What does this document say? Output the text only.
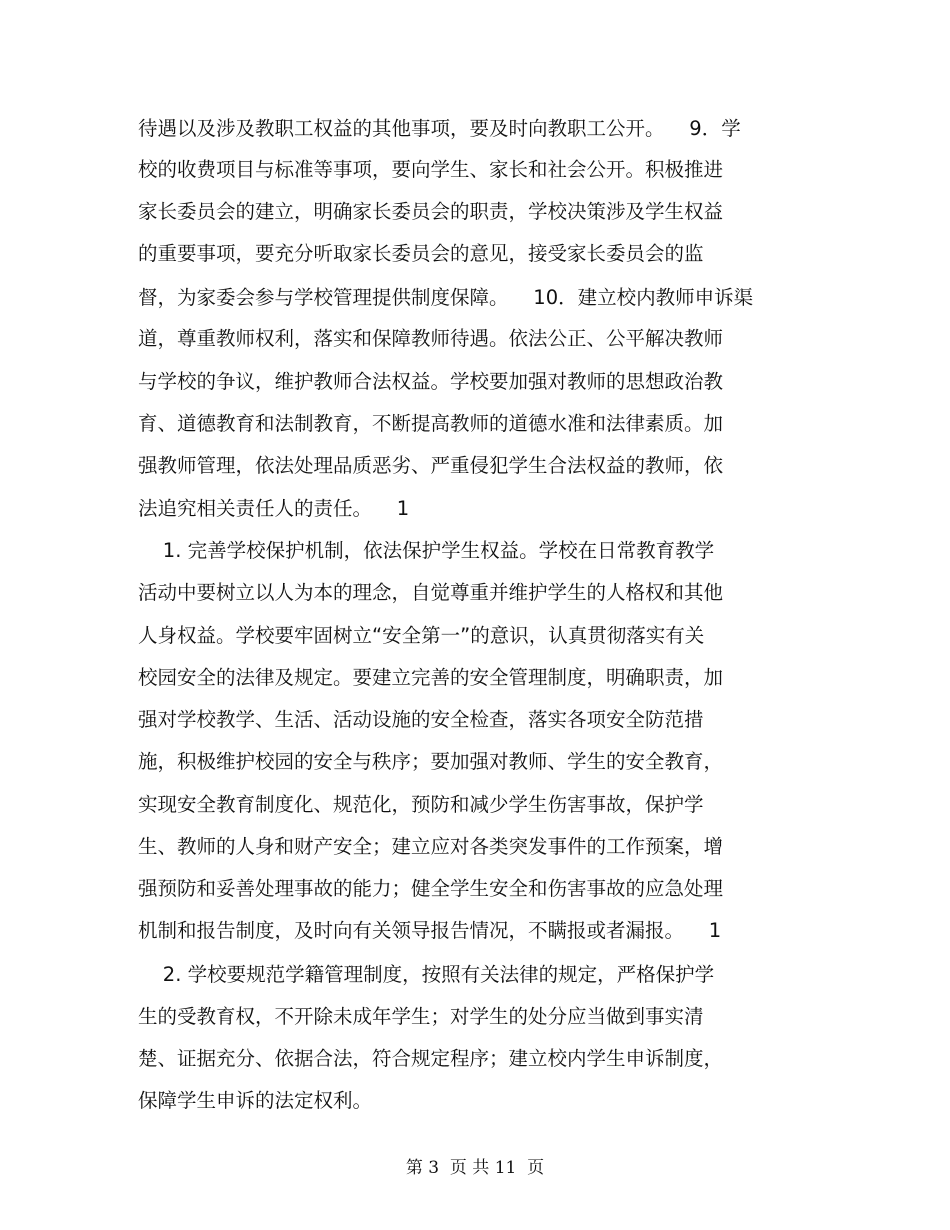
待遇以及涉及教职工权益的其他事项，要及时向教职工公开。    9．学
校的收费项目与标准等事项，要向学生、家长和社会公开。积极推进
家长委员会的建立，明确家长委员会的职责，学校决策涉及学生权益
的重要事项，要充分听取家长委员会的意见，接受家长委员会的监
督，为家委会参与学校管理提供制度保障。    10．建立校内教师申诉渠
道，尊重教师权利，落实和保障教师待遇。依法公正、公平解决教师
与学校的争议，维护教师合法权益。学校要加强对教师的思想政治教
育、道德教育和法制教育，不断提高教师的道德水准和法律素质。加
强教师管理，依法处理品质恶劣、严重侵犯学生合法权益的教师，依
法追究相关责任人的责任。    1
1. 完善学校保护机制，依法保护学生权益。学校在日常教育教学
活动中要树立以人为本的理念，自觉尊重并维护学生的人格权和其他
人身权益。学校要牢固树立“安全第一”的意识，认真贯彻落实有关
校园安全的法律及规定。要建立完善的安全管理制度，明确职责，加
强对学校教学、生活、活动设施的安全检查，落实各项安全防范措
施，积极维护校园的安全与秩序；要加强对教师、学生的安全教育，
实现安全教育制度化、规范化，预防和减少学生伤害事故，保护学
生、教师的人身和财产安全；建立应对各类突发事件的工作预案，增
强预防和妥善处理事故的能力；健全学生安全和伤害事故的应急处理
机制和报告制度，及时向有关领导报告情况，不瞒报或者漏报。    1
2. 学校要规范学籍管理制度，按照有关法律的规定，严格保护学
生的受教育权，不开除未成年学生；对学生的处分应当做到事实清
楚、证据充分、依据合法，符合规定程序；建立校内学生申诉制度，
保障学生申诉的法定权利。
第 3  页 共 11  页
